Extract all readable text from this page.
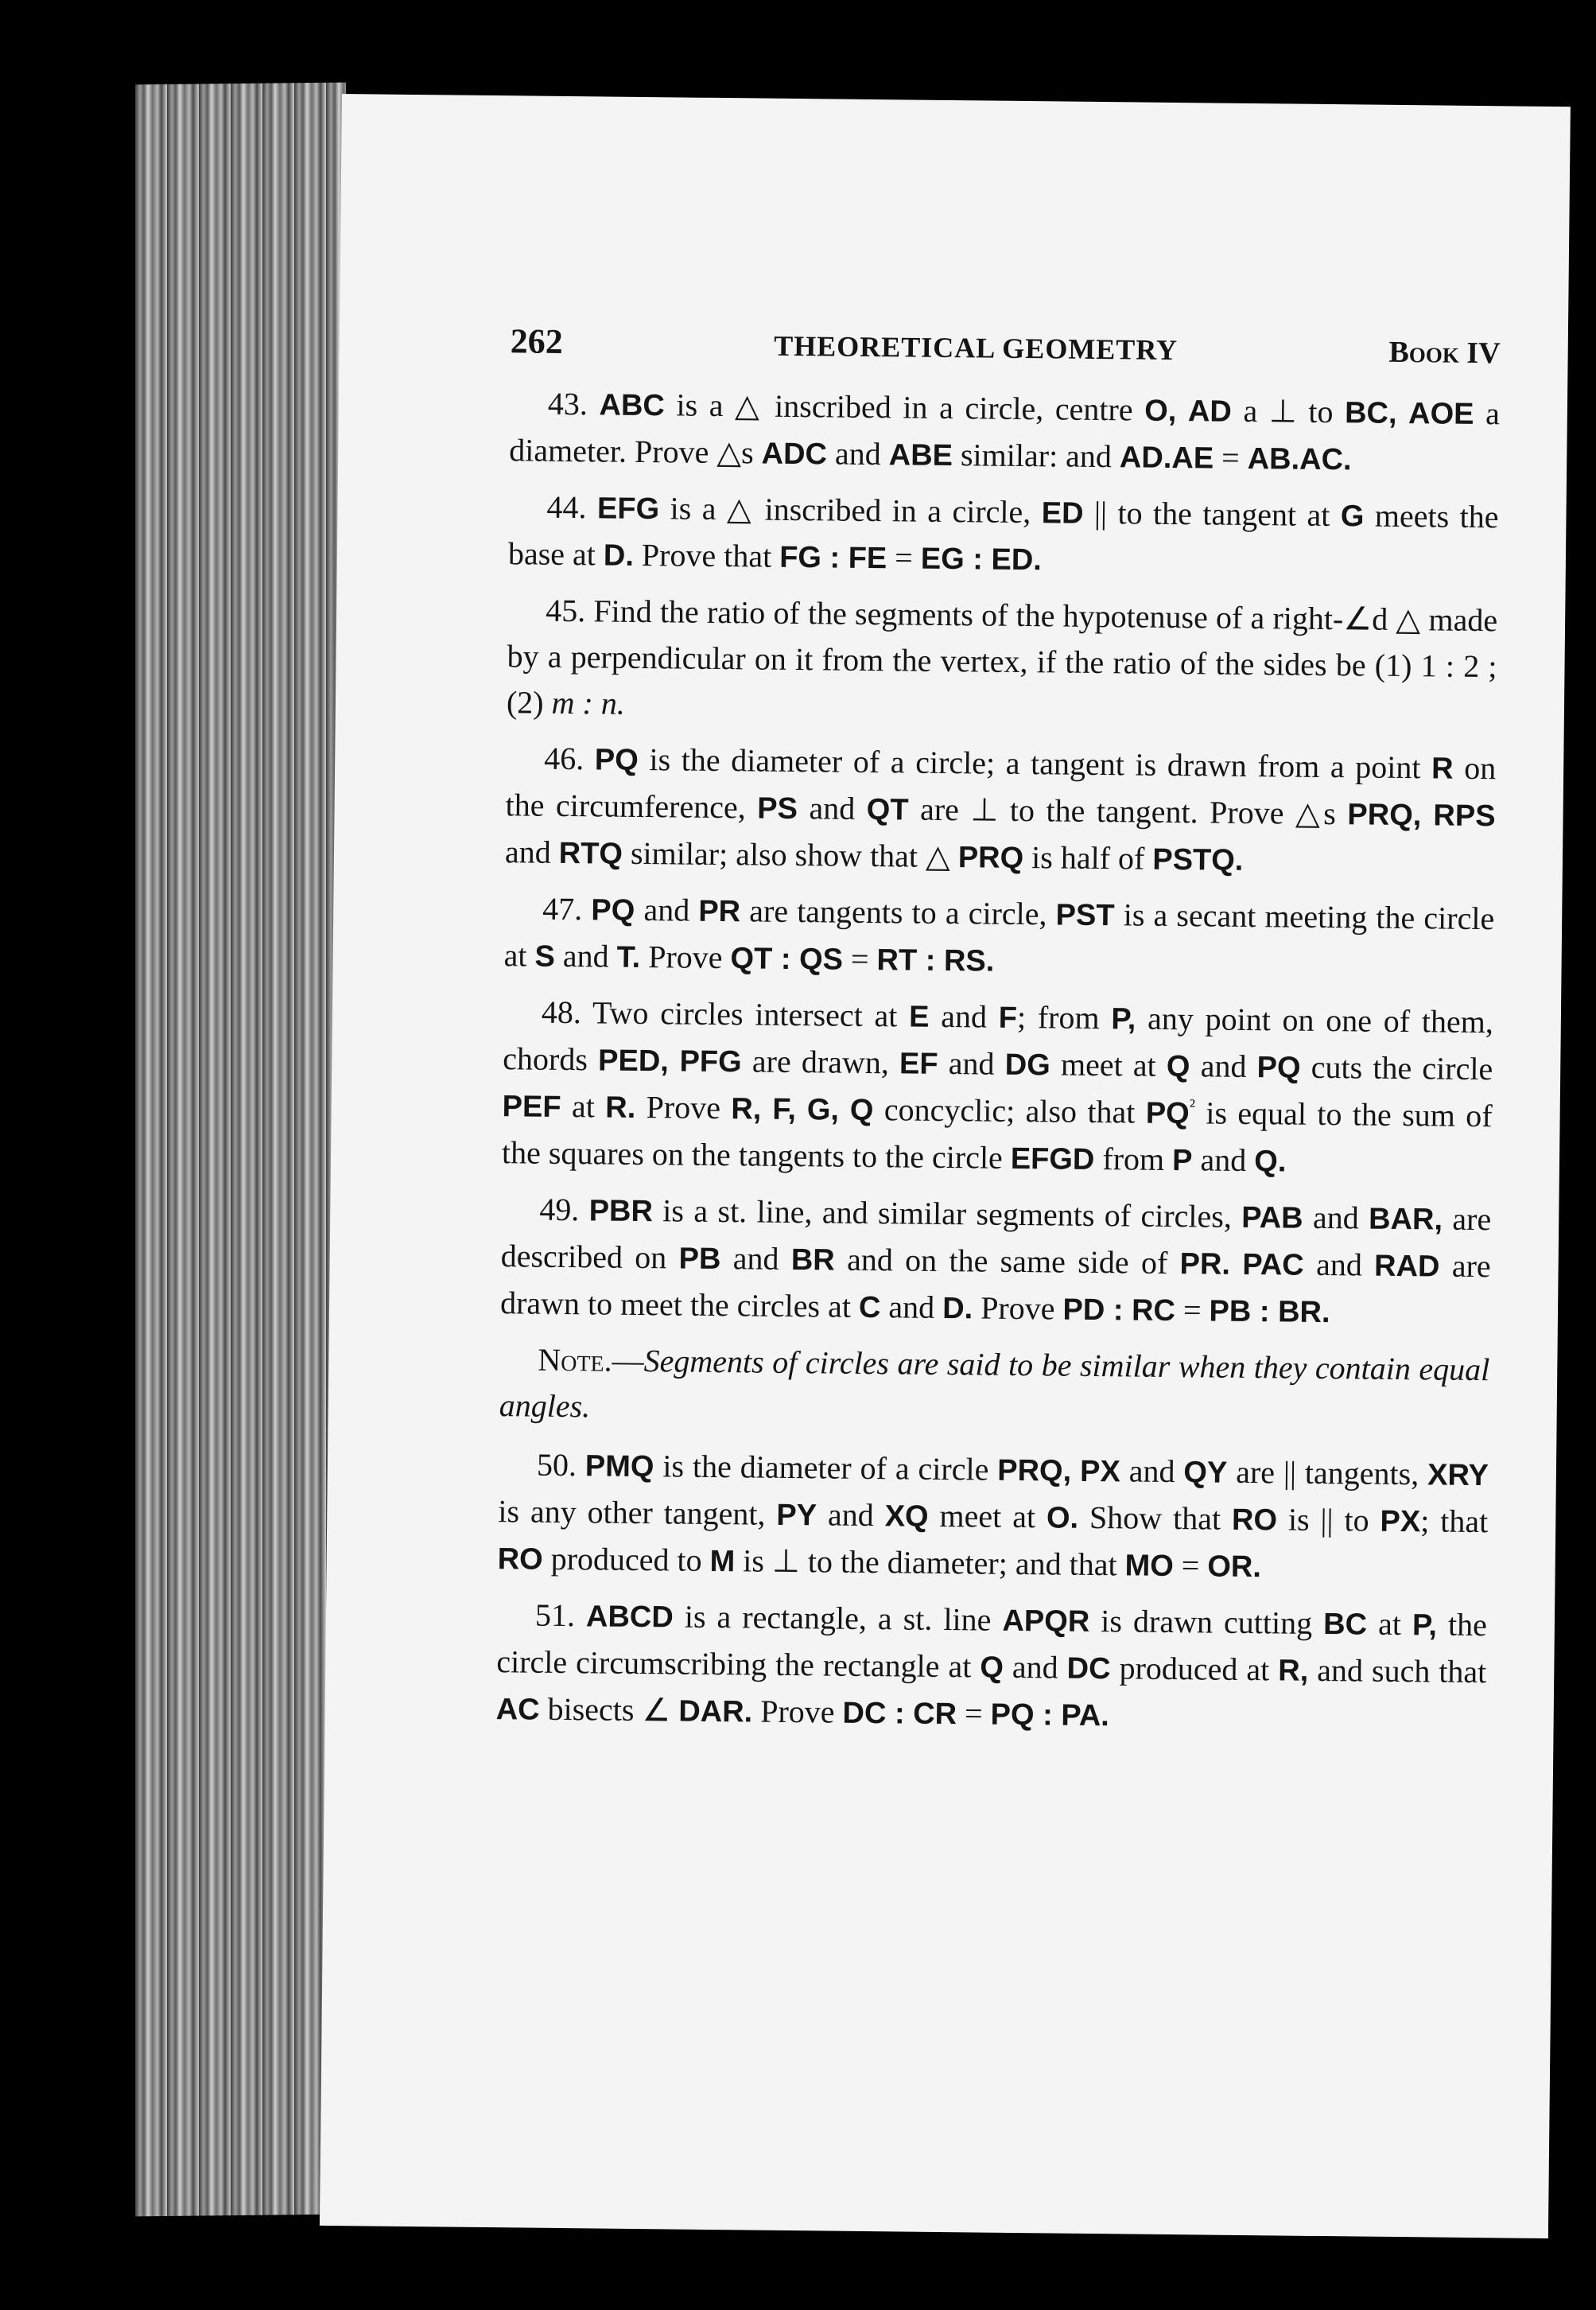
262	THEORETICAL GEOMETRY	Book IV

43. ABC is a △ inscribed in a circle, centre O, AD a ⊥ to BC, AOE a diameter. Prove △s ADC and ABE similar: and AD.AE = AB.AC.

44. EFG is a △ inscribed in a circle, ED || to the tangent at G meets the base at D. Prove that FG : FE = EG : ED.

45. Find the ratio of the segments of the hypotenuse of a right-∠d △ made by a perpendicular on it from the vertex, if the ratio of the sides be (1) 1 : 2 ; (2) m : n.

46. PQ is the diameter of a circle; a tangent is drawn from a point R on the circumference, PS and QT are ⊥ to the tangent. Prove △s PRQ, RPS and RTQ similar; also show that △ PRQ is half of PSTQ.

47. PQ and PR are tangents to a circle, PST is a secant meeting the circle at S and T. Prove QT : QS = RT : RS.

48. Two circles intersect at E and F; from P, any point on one of them, chords PED, PFG are drawn, EF and DG meet at Q and PQ cuts the circle PEF at R. Prove R, F, G, Q concyclic; also that $PQ^{^2}$ is equal to the sum of the squares on the tangents to the circle EFGD from P and Q.

49. PBR is a st. line, and similar segments of circles, PAB and BAR, are described on PB and BR and on the same side of PR. PAC and RAD are drawn to meet the circles at C and D. Prove PD : RC = PB : BR.

Note.—Segments of circles are said to be similar when they contain equal angles.

50. PMQ is the diameter of a circle PRQ, PX and QY are || tangents, XRY is any other tangent, PY and XQ meet at O. Show that RO is || to PX; that RO produced to M is ⊥ to the diameter; and that MO = OR.

51. ABCD is a rectangle, a st. line APQR is drawn cutting BC at P, the circle circumscribing the rectangle at Q and DC produced at R, and such that AC bisects ∠ DAR. Prove DC : CR = PQ : PA.
